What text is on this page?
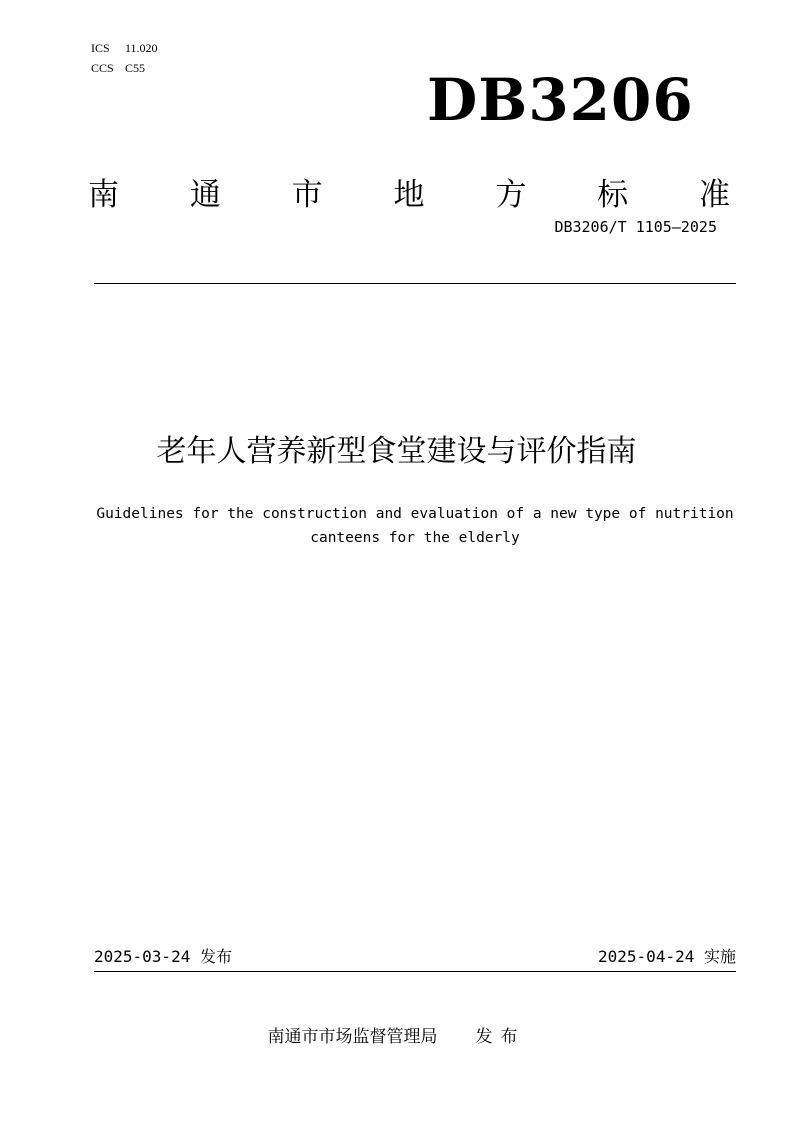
ICS 11.020
CCS C55	DB3206
南 通 市 地 方 标 准
DB3206/T 1105—2025
老年人营养新型食堂建设与评价指南
Guidelines for the construction and evaluation of a new type of nutrition canteens for the elderly
2025-03-24 发布	2025-04-24 实施
南通市市场监督管理局 发布
